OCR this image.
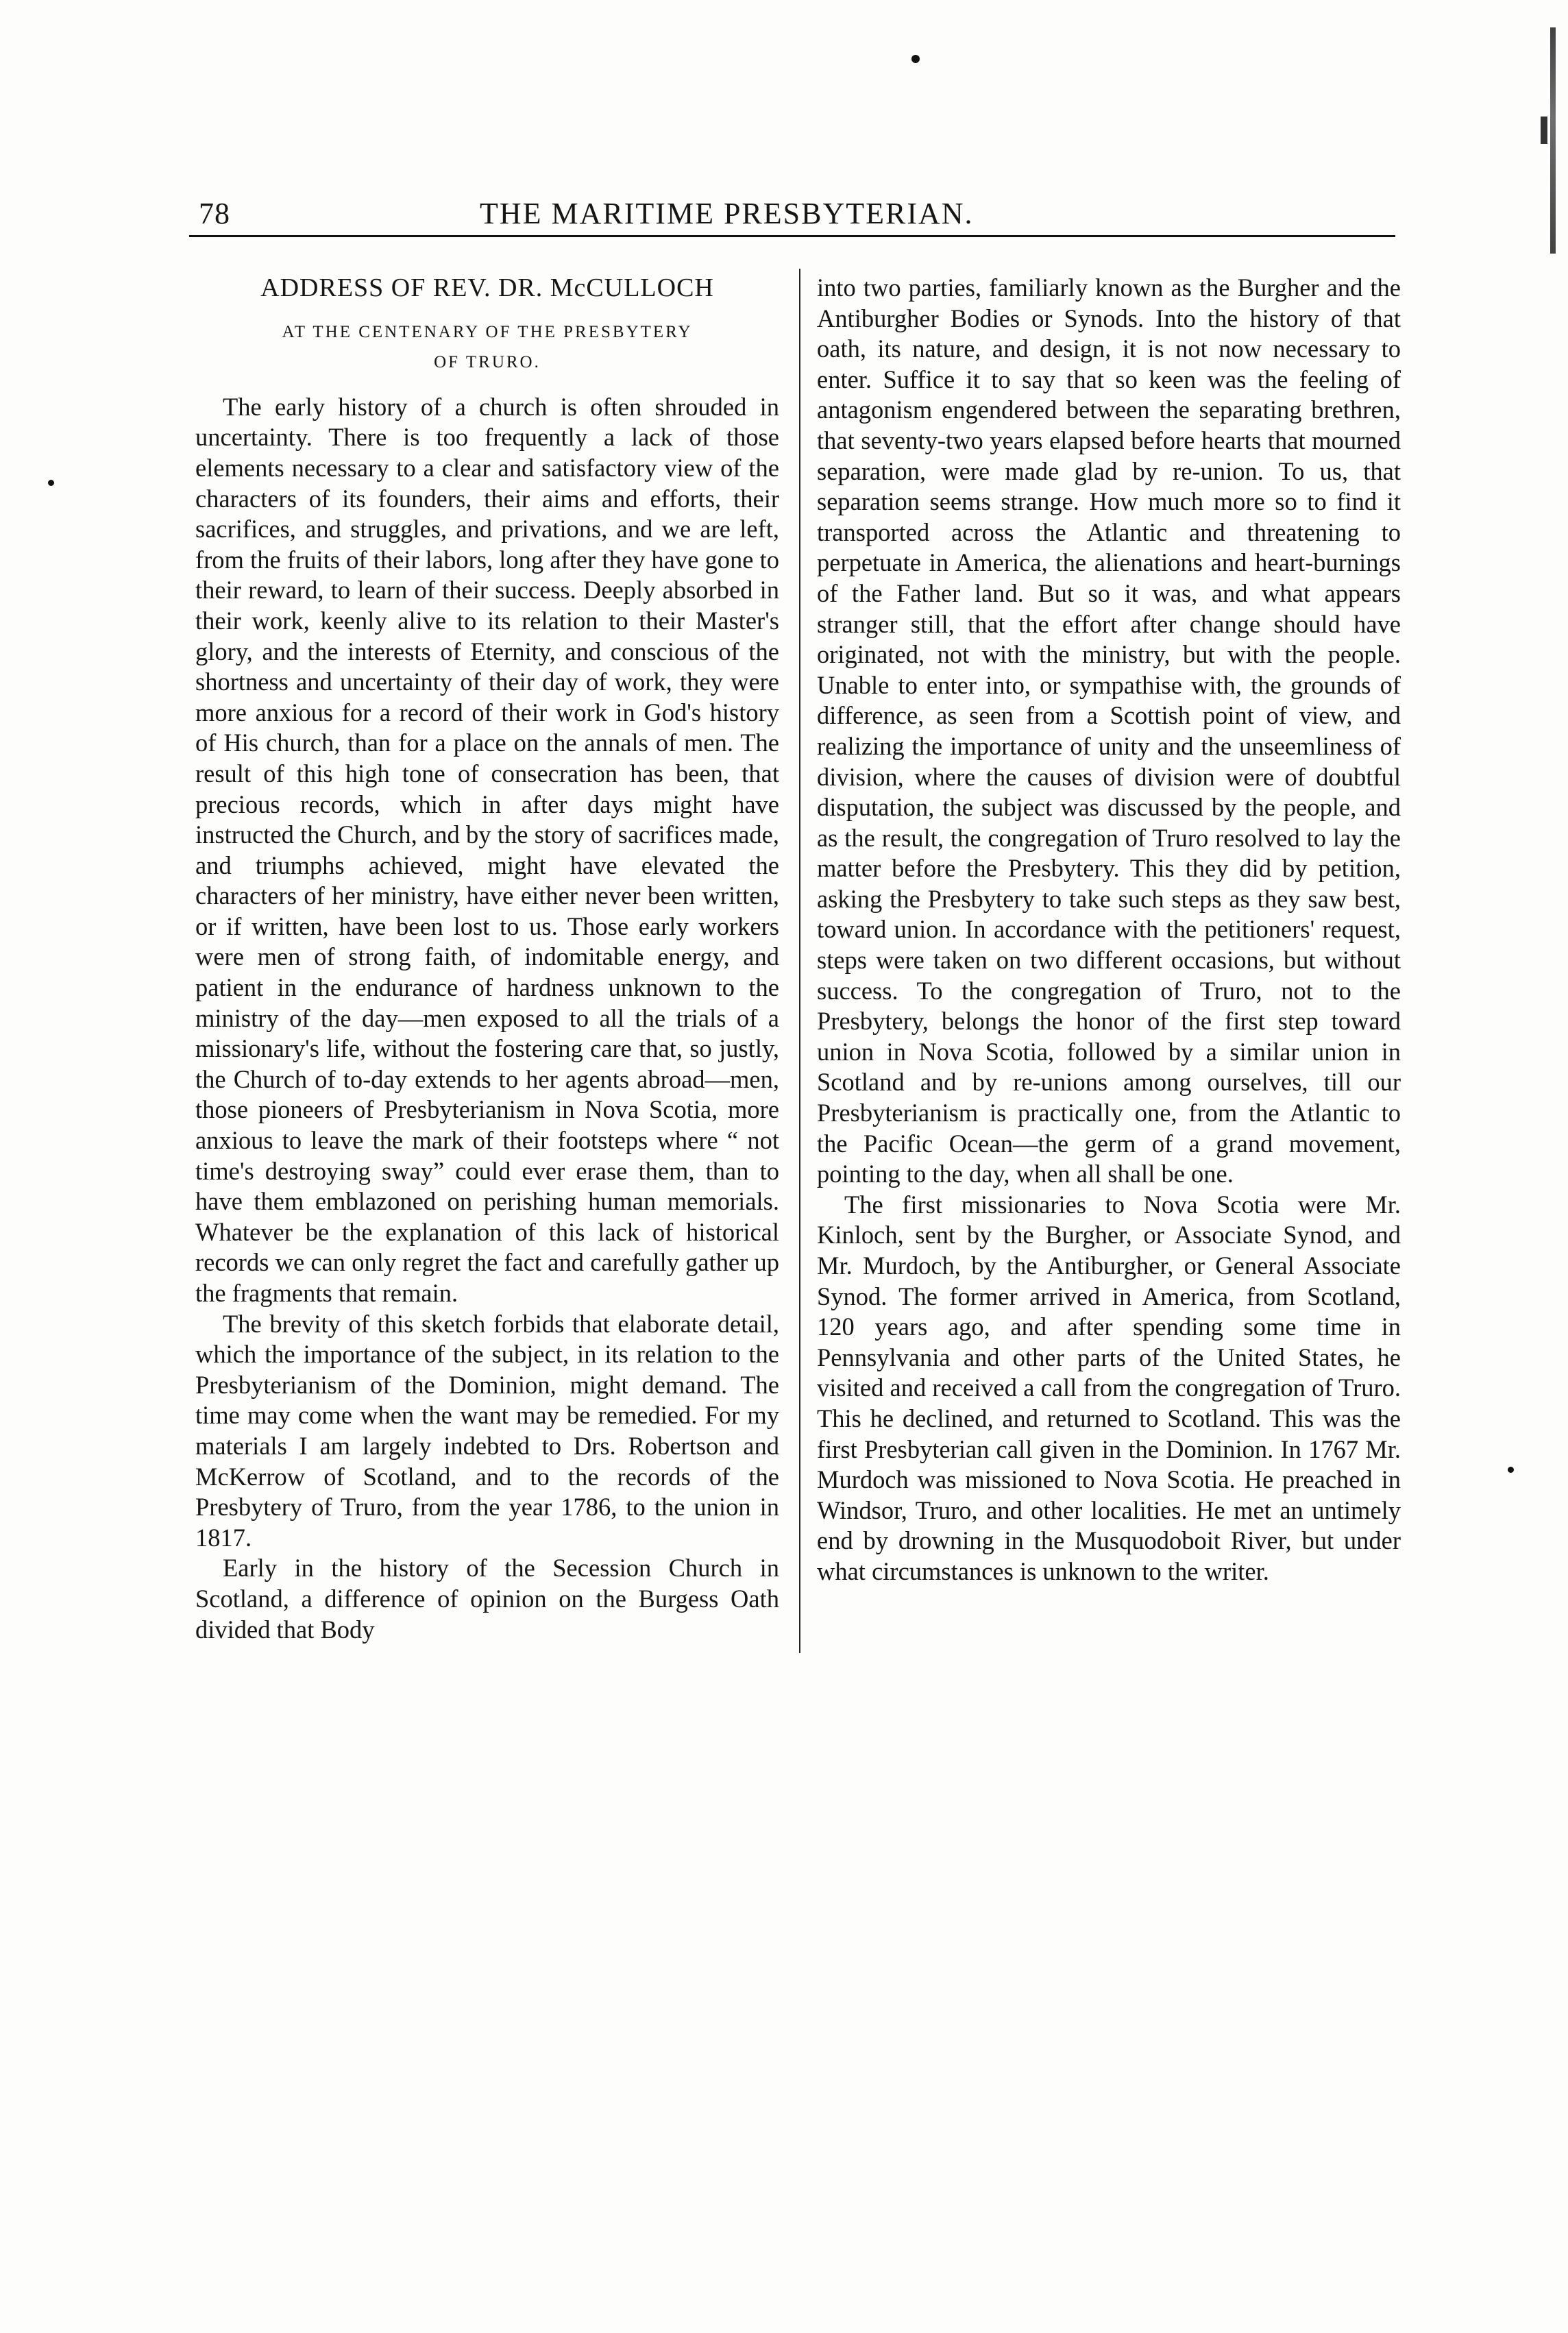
78	THE MARITIME PRESBYTERIAN.

ADDRESS OF REV. DR. McCULLOCH

AT THE CENTENARY OF THE PRESBYTERY

OF TRURO.

The early history of a church is often shrouded in uncertainty. There is too frequently a lack of those elements necessary to a clear and satisfactory view of the characters of its founders, their aims and efforts, their sacrifices, and struggles, and privations, and we are left, from the fruits of their labors, long after they have gone to their reward, to learn of their success. Deeply absorbed in their work, keenly alive to its relation to their Master's glory, and the interests of Eternity, and conscious of the shortness and uncertainty of their day of work, they were more anxious for a record of their work in God's history of His church, than for a place on the annals of men. The result of this high tone of consecration has been, that precious records, which in after days might have instructed the Church, and by the story of sacrifices made, and triumphs achieved, might have elevated the characters of her ministry, have either never been written, or if written, have been lost to us. Those early workers were men of strong faith, of indomitable energy, and patient in the endurance of hardness unknown to the ministry of the day—men exposed to all the trials of a missionary's life, without the fostering care that, so justly, the Church of to-day extends to her agents abroad—men, those pioneers of Presbyterianism in Nova Scotia, more anxious to leave the mark of their footsteps where “ not time's destroying sway” could ever erase them, than to have them emblazoned on perishing human memorials. Whatever be the explanation of this lack of historical records we can only regret the fact and carefully gather up the fragments that remain.

The brevity of this sketch forbids that elaborate detail, which the importance of the subject, in its relation to the Presbyterianism of the Dominion, might demand. The time may come when the want may be remedied. For my materials I am largely indebted to Drs. Robertson and McKerrow of Scotland, and to the records of the Presbytery of Truro, from the year 1786, to the union in 1817.

Early in the history of the Secession Church in Scotland, a difference of opinion on the Burgess Oath divided that Body

into two parties, familiarly known as the Burgher and the Antiburgher Bodies or Synods. Into the history of that oath, its nature, and design, it is not now necessary to enter. Suffice it to say that so keen was the feeling of antagonism engendered between the separating brethren, that seventy-two years elapsed before hearts that mourned separation, were made glad by re-union. To us, that separation seems strange. How much more so to find it transported across the Atlantic and threatening to perpetuate in America, the alienations and heart-burnings of the Father land. But so it was, and what appears stranger still, that the effort after change should have originated, not with the ministry, but with the people. Unable to enter into, or sympathise with, the grounds of difference, as seen from a Scottish point of view, and realizing the importance of unity and the unseemliness of division, where the causes of division were of doubtful disputation, the subject was discussed by the people, and as the result, the congregation of Truro resolved to lay the matter before the Presbytery. This they did by petition, asking the Presbytery to take such steps as they saw best, toward union. In accordance with the petitioners' request, steps were taken on two different occasions, but without success. To the congregation of Truro, not to the Presbytery, belongs the honor of the first step toward union in Nova Scotia, followed by a similar union in Scotland and by re-unions among ourselves, till our Presbyterianism is practically one, from the Atlantic to the Pacific Ocean—the germ of a grand movement, pointing to the day, when all shall be one.

The first missionaries to Nova Scotia were Mr. Kinloch, sent by the Burgher, or Associate Synod, and Mr. Murdoch, by the Antiburgher, or General Associate Synod. The former arrived in America, from Scotland, 120 years ago, and after spending some time in Pennsylvania and other parts of the United States, he visited and received a call from the congregation of Truro. This he declined, and returned to Scotland. This was the first Presbyterian call given in the Dominion. In 1767 Mr. Murdoch was missioned to Nova Scotia. He preached in Windsor, Truro, and other localities. He met an untimely end by drowning in the Musquodoboit River, but under what circumstances is unknown to the writer.
